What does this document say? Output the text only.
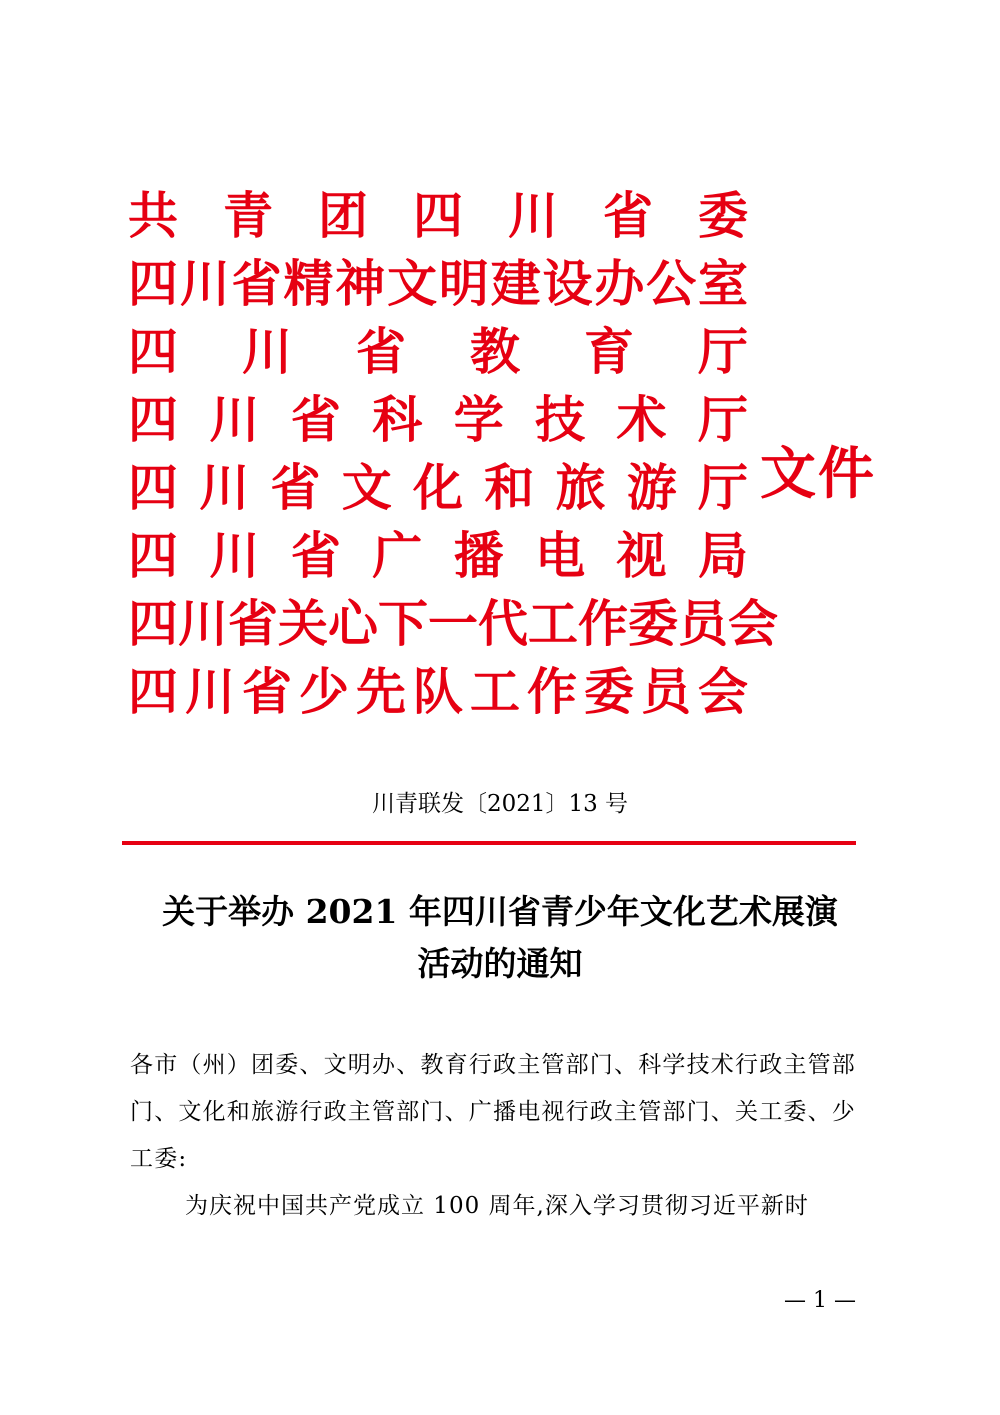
共 青 团 四 川 省 委
四 川 省 精 神 文 明 建 设 办 公 室
四 川 省 教 育 厅
四 川 省 科 学 技 术 厅
四 川 省 文 化 和 旅 游 厅
四 川 省 广 播 电 视 局
四 川 省 关 心 下 一 代 工 作 委 员 会
四 川 省 少 先 队 工 作 委 员 会
文件
川青联发〔2021〕13 号
关于举办 2021 年四川省青少年文化艺术展演
活动的通知
各市（州）团委、文明办、教育行政主管部门、科学技术行政主管部门、文化和旅游行政主管部门、广播电视行政主管部门、关工委、少工委:
为庆祝中国共产党成立 100 周年,深入学习贯彻习近平新时
— 1 —
